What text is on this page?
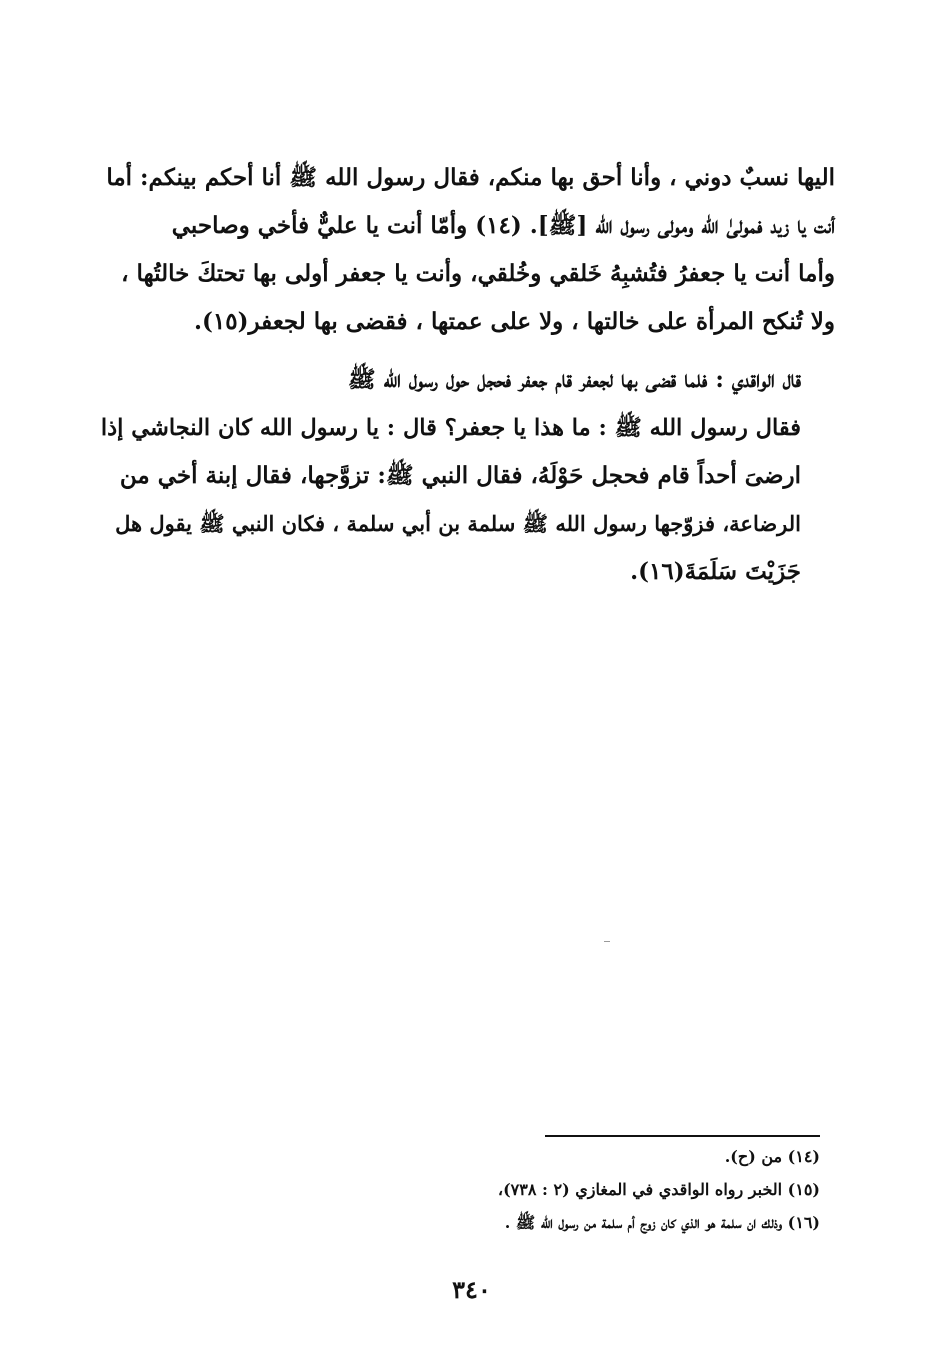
اليها نسبٌ دوني ، وأنا أحق بها منكم، فقال رسول الله ﷺ أنا أحكم بينكم: أما
أنت يا زيد فمولىٰ الله ومولى رسول الله [ﷺ]. (١٤) وأمّا أنت يا عليٌّ فأخي وصاحبي
وأما أنت يا جعفرُ فتُشبِهُ خَلقي وخُلقي، وأنت يا جعفر أولى بها تحتكَ خالتُها ،
ولا تُنكح المرأة على خالتها ، ولا على عمتها ، فقضى بها لجعفر(١٥).

قال الواقدي : فلما قضى بها لجعفر قام جعفر فحجل حول رسول الله ﷺ
فقال رسول الله ﷺ : ما هذا يا جعفر؟ قال : يا رسول الله كان النجاشي إذا
ارضىَ أحداً قام فحجل حَوْلَهُ، فقال النبي ﷺ: تزوَّجها، فقال إبنة أخي من
الرضاعة، فزوّجها رسول الله ﷺ سلمة بن أبي سلمة ، فكان النبي ﷺ يقول هل
جَزَيْتَ سَلَمَةَ(١٦).

(١٤) من (ح).

(١٥) الخبر رواه الواقدي في المغازي (٢ : ٧٣٨)،

(١٦) وذلك ان سلمة هو الذي كان زوج أم سلمة من رسول الله ﷺ .

٣٤٠
